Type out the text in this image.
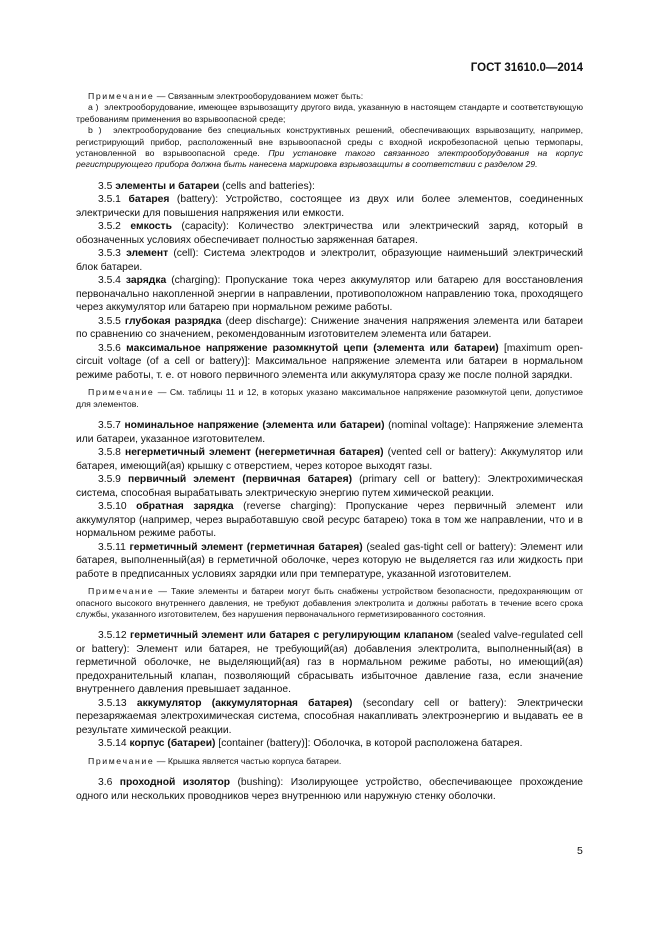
ГОСТ 31610.0—2014

Примечание — Связанным электрооборудованием может быть:

а ) электрооборудование, имеющее взрывозащиту другого вида, указанную в настоящем стандарте и соответствующую требованиям применения во взрывоопасной среде;

b ) электрооборудование без специальных конструктивных решений, обеспечивающих взрывозащиту, например, регистрирующий прибор, расположенный вне взрывоопасной среды с входной искробезопасной цепью термопары, установленной во взрывоопасной среде. При установке такого связанного электрооборудования на корпус регистрирующего прибора должна быть нанесена маркировка взрывозащиты в соответствии с разделом 29.

3.5 элементы и батареи (cells and batteries):

3.5.1 батарея (battery): Устройство, состоящее из двух или более элементов, соединенных электрически для повышения напряжения или емкости.

3.5.2 емкость (capacity): Количество электричества или электрический заряд, который в обозначенных условиях обеспечивает полностью заряженная батарея.

3.5.3 элемент (cell): Система электродов и электролит, образующие наименьший электрический блок батареи.

3.5.4 зарядка (charging): Пропускание тока через аккумулятор или батарею для восстановления первоначально накопленной энергии в направлении, противоположном направлению тока, проходящего через аккумулятор или батарею при нормальном режиме работы.

3.5.5 глубокая разрядка (deep discharge): Снижение значения напряжения элемента или батареи по сравнению со значением, рекомендованным изготовителем элемента или батареи.

3.5.6 максимальное напряжение разомкнутой цепи (элемента или батареи) [maximum open-circuit voltage (of a cell or battery)]: Максимальное напряжение элемента или батареи в нормальном режиме работы, т. е. от нового первичного элемента или аккумулятора сразу же после полной зарядки.

Примечание — См. таблицы 11 и 12, в которых указано максимальное напряжение разомкнутой цепи, допустимое для элементов.

3.5.7 номинальное напряжение (элемента или батареи) (nominal voltage): Напряжение элемента или батареи, указанное изготовителем.

3.5.8 негерметичный элемент (негерметичная батарея) (vented cell or battery): Аккумулятор или батарея, имеющий(ая) крышку с отверстием, через которое выходят газы.

3.5.9 первичный элемент (первичная батарея) (primary cell or battery): Электрохимическая система, способная вырабатывать электрическую энергию путем химической реакции.

3.5.10 обратная зарядка (reverse charging): Пропускание через первичный элемент или аккумулятор (например, через выработавшую свой ресурс батарею) тока в том же направлении, что и в нормальном режиме работы.

3.5.11 герметичный элемент (герметичная батарея) (sealed gas-tight cell or battery): Элемент или батарея, выполненный(ая) в герметичной оболочке, через которую не выделяется газ или жидкость при работе в предписанных условиях зарядки или при температуре, указанной изготовителем.

Примечание — Такие элементы и батареи могут быть снабжены устройством безопасности, предохраняющим от опасного высокого внутреннего давления, не требуют добавления электролита и должны работать в течение всего срока службы, указанного изготовителем, без нарушения первоначального герметизированного состояния.

3.5.12 герметичный элемент или батарея с регулирующим клапаном (sealed valve-regulated cell or battery): Элемент или батарея, не требующий(ая) добавления электролита, выполненный(ая) в герметичной оболочке, не выделяющий(ая) газ в нормальном режиме работы, но имеющий(ая) предохранительный клапан, позволяющий сбрасывать избыточное давление газа, если значение внутреннего давления превышает заданное.

3.5.13 аккумулятор (аккумуляторная батарея) (secondary cell or battery): Электрически перезаряжаемая электрохимическая система, способная накапливать электроэнергию и выдавать ее в результате химической реакции.

3.5.14 корпус (батареи) [container (battery)]: Оболочка, в которой расположена батарея.

Примечание — Крышка является частью корпуса батареи.

3.6 проходной изолятор (bushing): Изолирующее устройство, обеспечивающее прохождение одного или нескольких проводников через внутреннюю или наружную стенку оболочки.

5
